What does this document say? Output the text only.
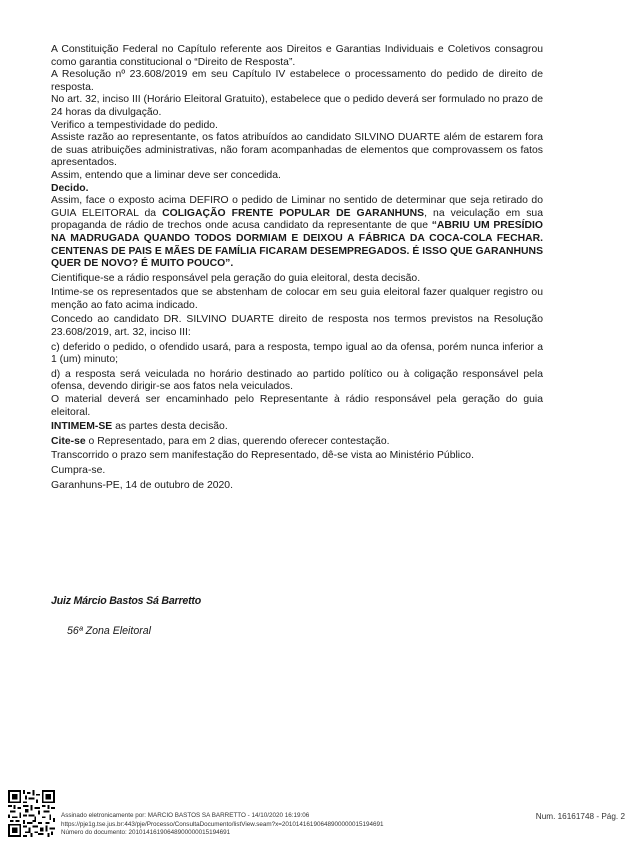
A Constituição Federal no Capítulo referente aos Direitos e Garantias Individuais e Coletivos consagrou como garantia constitucional o “Direito de Resposta”.

A Resolução nº 23.608/2019 em seu Capítulo IV estabelece o processamento do pedido de direito de resposta.

No art. 32, inciso III (Horário Eleitoral Gratuito), estabelece que o pedido deverá ser formulado no prazo de 24 horas da divulgação.

Verifico a tempestividade do pedido.

Assiste razão ao representante, os fatos atribuídos ao candidato SILVINO DUARTE além de estarem fora de suas atribuições administrativas, não foram acompanhadas de elementos que comprovassem os fatos apresentados.

Assim, entendo que a liminar deve ser concedida.

Decido.

Assim, face o exposto acima DEFIRO o pedido de Liminar no sentido de determinar que seja retirado do GUIA ELEITORAL da COLIGAÇÃO FRENTE POPULAR DE GARANHUNS, na veiculação em sua propaganda de rádio de trechos onde acusa candidato da representante de que “ABRIU UM PRESÍDIO NA MADRUGADA QUANDO TODOS DORMIAM E DEIXOU A FÁBRICA DA COCA-COLA FECHAR. CENTENAS DE PAIS E MÃES DE FAMÍLIA FICARAM DESEMPREGADOS. É ISSO QUE GARANHUNS QUER DE NOVO? É MUITO POUCO”.

Cientifique-se a rádio responsável pela geração do guia eleitoral, desta decisão.

Intime-se os representados que se abstenham de colocar em seu guia eleitoral fazer qualquer registro ou menção ao fato acima indicado.

Concedo ao candidato DR. SILVINO DUARTE direito de resposta nos termos previstos na Resolução 23.608/2019, art. 32, inciso III:

c) deferido o pedido, o ofendido usará, para a resposta, tempo igual ao da ofensa, porém nunca inferior a 1 (um) minuto;

d) a resposta será veiculada no horário destinado ao partido político ou à coligação responsável pela ofensa, devendo dirigir-se aos fatos nela veiculados.

O material deverá ser encaminhado pelo Representante à rádio responsável pela geração do guia eleitoral.

INTIMEM-SE as partes desta decisão.

Cite-se o Representado, para em 2 dias, querendo oferecer contestação.

Transcorrido o prazo sem manifestação do Representado, dê-se vista ao Ministério Público.

Cumpra-se.

Garanhuns-PE, 14 de outubro de 2020.

Juiz Márcio Bastos Sá Barretto
56ª Zona Eleitoral
Assinado eletronicamente por: MARCIO BASTOS SA BARRETTO - 14/10/2020 16:19:06
https://pje1g.tse.jus.br:443/pje/Processo/ConsultaDocumento/listView.seam?x=20101416190648900000015194691
Número do documento: 20101416190648900000015194691
Num. 16161748 - Pág. 2
